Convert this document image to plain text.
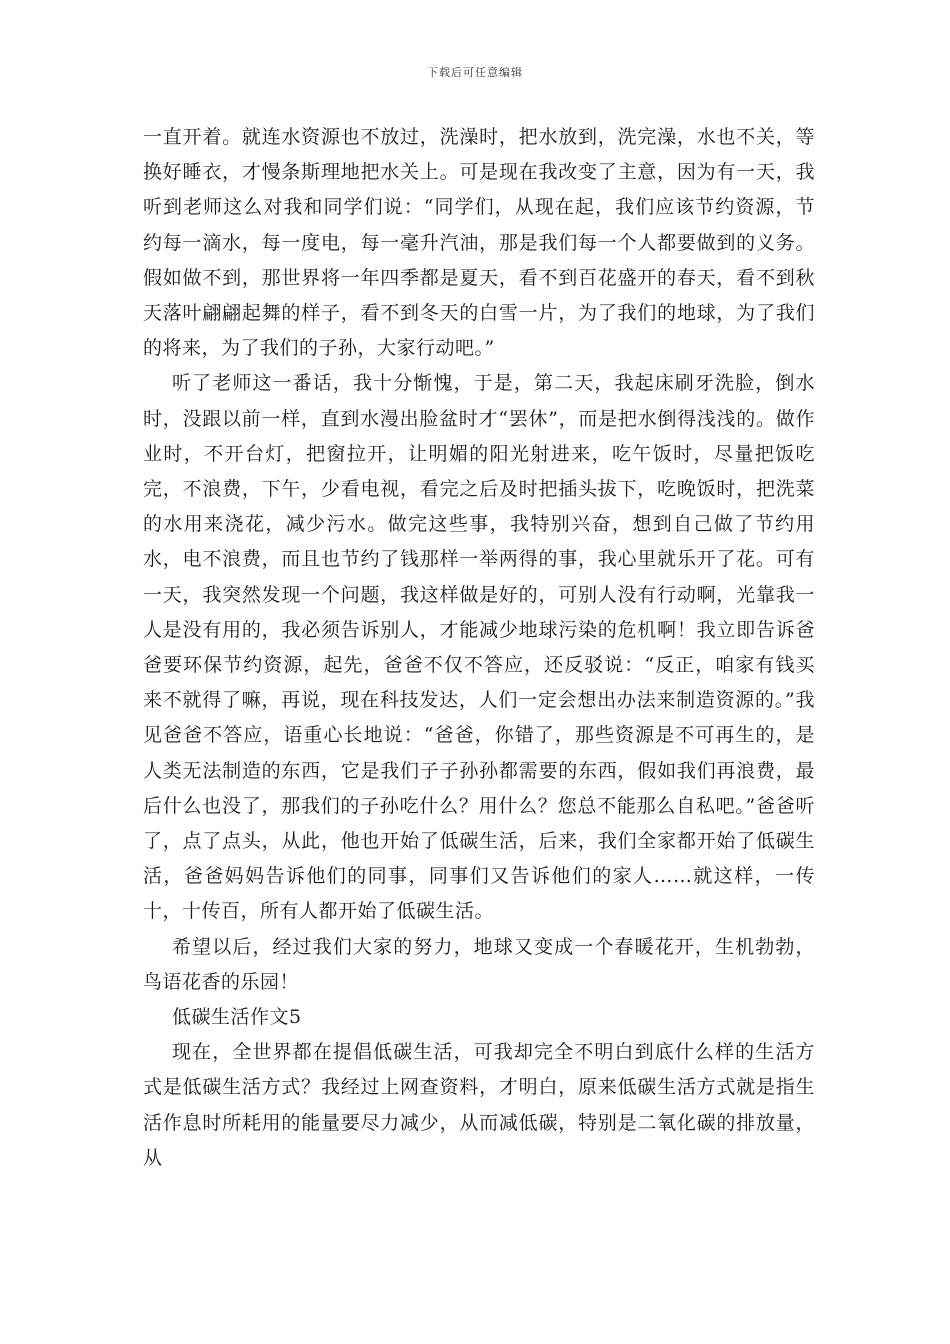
下载后可任意编辑

一直开着。就连水资源也不放过，洗澡时，把水放到，洗完澡，水也不关，等换好睡衣，才慢条斯理地把水关上。可是现在我改变了主意，因为有一天，我听到老师这么对我和同学们说：“同学们，从现在起，我们应该节约资源，节约每一滴水，每一度电，每一毫升汽油，那是我们每一个人都要做到的义务。假如做不到，那世界将一年四季都是夏天，看不到百花盛开的春天，看不到秋天落叶翩翩起舞的样子，看不到冬天的白雪一片，为了我们的地球，为了我们的将来，为了我们的子孙，大家行动吧。”

听了老师这一番话，我十分惭愧，于是，第二天，我起床刷牙洗脸，倒水时，没跟以前一样，直到水漫出脸盆时才“罢休”，而是把水倒得浅浅的。做作业时，不开台灯，把窗拉开，让明媚的阳光射进来，吃午饭时，尽量把饭吃完，不浪费，下午，少看电视，看完之后及时把插头拔下，吃晚饭时，把洗菜的水用来浇花，减少污水。做完这些事，我特别兴奋，想到自己做了节约用水，电不浪费，而且也节约了钱那样一举两得的事，我心里就乐开了花。可有一天，我突然发现一个问题，我这样做是好的，可别人没有行动啊，光靠我一人是没有用的，我必须告诉别人，才能减少地球污染的危机啊！我立即告诉爸爸要环保节约资源，起先，爸爸不仅不答应，还反驳说：“反正，咱家有钱买来不就得了嘛，再说，现在科技发达，人们一定会想出办法来制造资源的。”我见爸爸不答应，语重心长地说：“爸爸，你错了，那些资源是不可再生的，是人类无法制造的东西，它是我们子子孙孙都需要的东西，假如我们再浪费，最后什么也没了，那我们的子孙吃什么？用什么？您总不能那么自私吧。”爸爸听了，点了点头，从此，他也开始了低碳生活，后来，我们全家都开始了低碳生活，爸爸妈妈告诉他们的同事，同事们又告诉他们的家人……就这样，一传十，十传百，所有人都开始了低碳生活。

希望以后，经过我们大家的努力，地球又变成一个春暖花开，生机勃勃，鸟语花香的乐园！

低碳生活作文5

现在，全世界都在提倡低碳生活，可我却完全不明白到底什么样的生活方式是低碳生活方式？我经过上网查资料，才明白，原来低碳生活方式就是指生活作息时所耗用的能量要尽力减少，从而减低碳，特别是二氧化碳的排放量，从
